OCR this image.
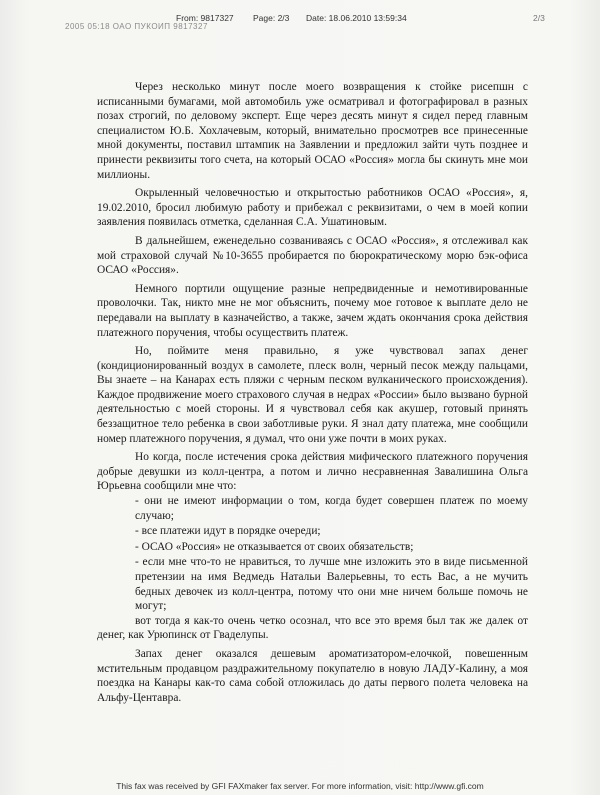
From: 9817327 Page: 2/3 Date: 18.06.2010 13:59:34	2/3
2005 05:18 ОАО ПУКОИП 9817327

Через несколько минут после моего возвращения к стойке рисепшн с исписанными бумагами, мой автомобиль уже осматривал и фотографировал в разных позах строгий, по деловому эксперт. Еще через десять минут я сидел перед главным специалистом Ю.Б. Хохлачевым, который, внимательно просмотрев все принесенные мной документы, поставил штампик на Заявлении и предложил зайти чуть позднее и принести реквизиты того счета, на который ОСАО «Россия» могла бы скинуть мне мои миллионы.

Окрыленный человечностью и открытостью работников ОСАО «Россия», я, 19.02.2010, бросил любимую работу и прибежал с реквизитами, о чем в моей копии заявления появилась отметка, сделанная С.А. Ушатиновым.

В дальнейшем, еженедельно созваниваясь с ОСАО «Россия», я отслеживал как мой страховой случай №10-3655 пробирается по бюрократическому морю бэк-офиса ОСАО «Россия».

Немного портили ощущение разные непредвиденные и немотивированные проволочки. Так, никто мне не мог объяснить, почему мое готовое к выплате дело не передавали на выплату в казначейство, а также, зачем ждать окончания срока действия платежного поручения, чтобы осуществить платеж.

Но, поймите меня правильно, я уже чувствовал запах денег (кондиционированный воздух в самолете, плеск волн, черный песок между пальцами, Вы знаете – на Канарах есть пляжи с черным песком вулканического происхождения). Каждое продвижение моего страхового случая в недрах «России» было вызвано бурной деятельностью с моей стороны. И я чувствовал себя как акушер, готовый принять беззащитное тело ребенка в свои заботливые руки. Я знал дату платежа, мне сообщили номер платежного поручения, я думал, что они уже почти в моих руках.

Но когда, после истечения срока действия мифического платежного поручения добрые девушки из колл-центра, а потом и лично несравненная Завалишина Ольга Юрьевна сообщили мне что:

- они не имеют информации о том, когда будет совершен платеж по моему случаю;

- все платежи идут в порядке очереди;

- ОСАО «Россия» не отказывается от своих обязательств;

- если мне что-то не нравиться, то лучше мне изложить это в виде письменной претензии на имя Ведмедь Натальи Валерьевны, то есть Вас, а не мучить бедных девочек из колл-центра, потому что они мне ничем больше помочь не могут;

вот тогда я как-то очень четко осознал, что все это время был так же далек от денег, как Урюпинск от Гваделупы.

Запах денег оказался дешевым ароматизатором-елочкой, повешенным мстительным продавцом раздражительному покупателю в новую ЛАДУ-Калину, а моя поездка на Канары как-то сама собой отложилась до даты первого полета человека на Альфу-Центавра.

This fax was received by GFI FAXmaker fax server. For more information, visit: http://www.gfi.com
